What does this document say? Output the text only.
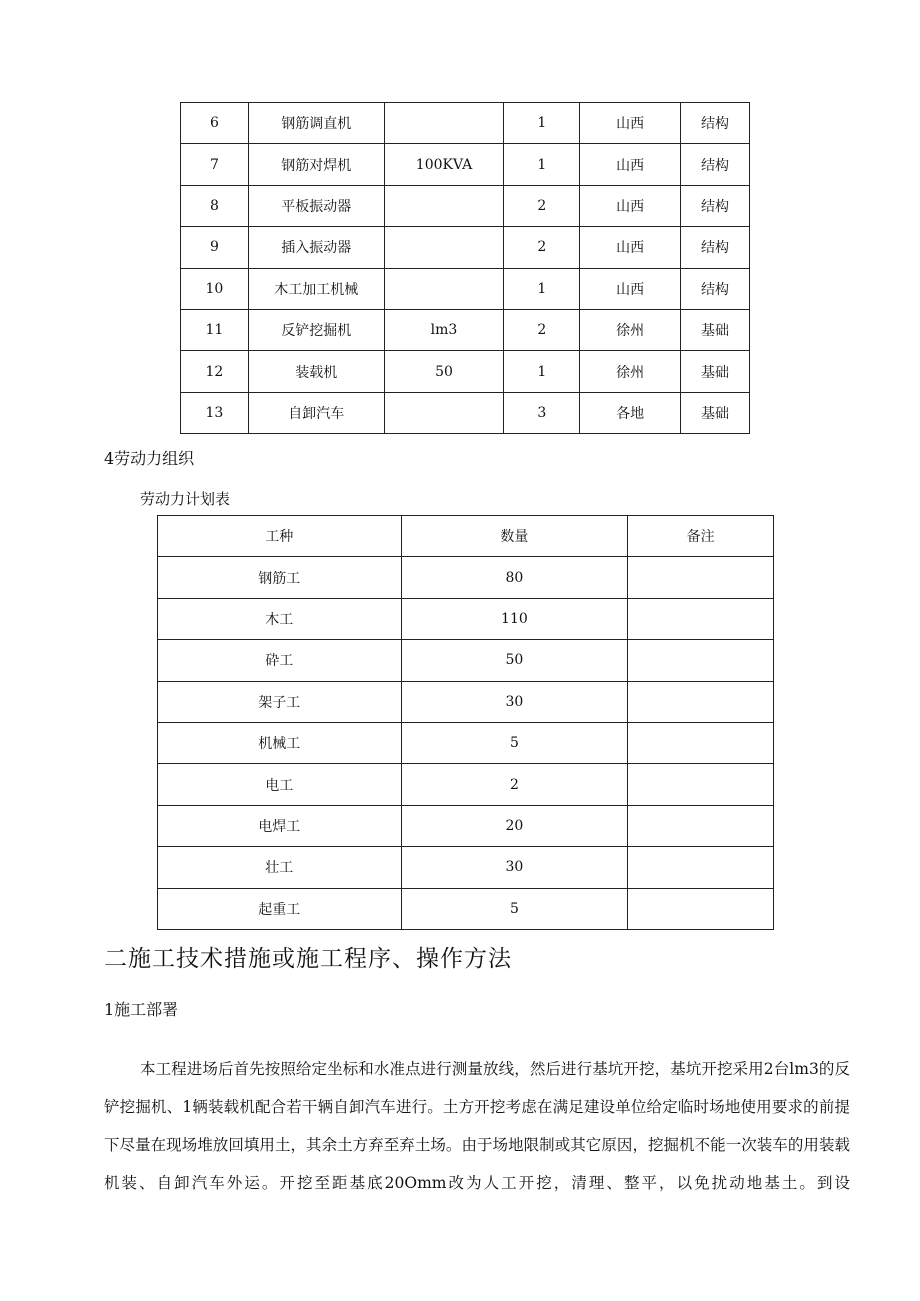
6	钢筋调直机		1	山西	结构
7	钢筋对焊机	100KVA	1	山西	结构
8	平板振动器		2	山西	结构
9	插入振动器		2	山西	结构
10	木工加工机械		1	山西	结构
11	反铲挖掘机	lm3	2	徐州	基础
12	装载机	50	1	徐州	基础
13	自卸汽车		3	各地	基础
4劳动力组织
劳动力计划表
工种	数量	备注
钢筋工	80	
木工	110	
砕工	50	
架子工	30	
机械工	5	
电工	2	
电焊工	20	
壮工	30	
起重工	5	
二施工技术措施或施工程序、操作方法
1施工部署

本工程进场后首先按照给定坐标和水准点进行测量放线，然后进行基坑开挖，基坑开挖采用2台lm3的反铲挖掘机、1辆装载机配合若干辆自卸汽车进行。土方开挖考虑在满足建设单位给定临时场地使用要求的前提下尽量在现场堆放回填用土，其余土方弃至弃土场。由于场地限制或其它原因，挖掘机不能一次装车的用装载机装、自卸汽车外运。开挖至距基底20Omm改为人工开挖，清理、整平，以免扰动地基土。到设
